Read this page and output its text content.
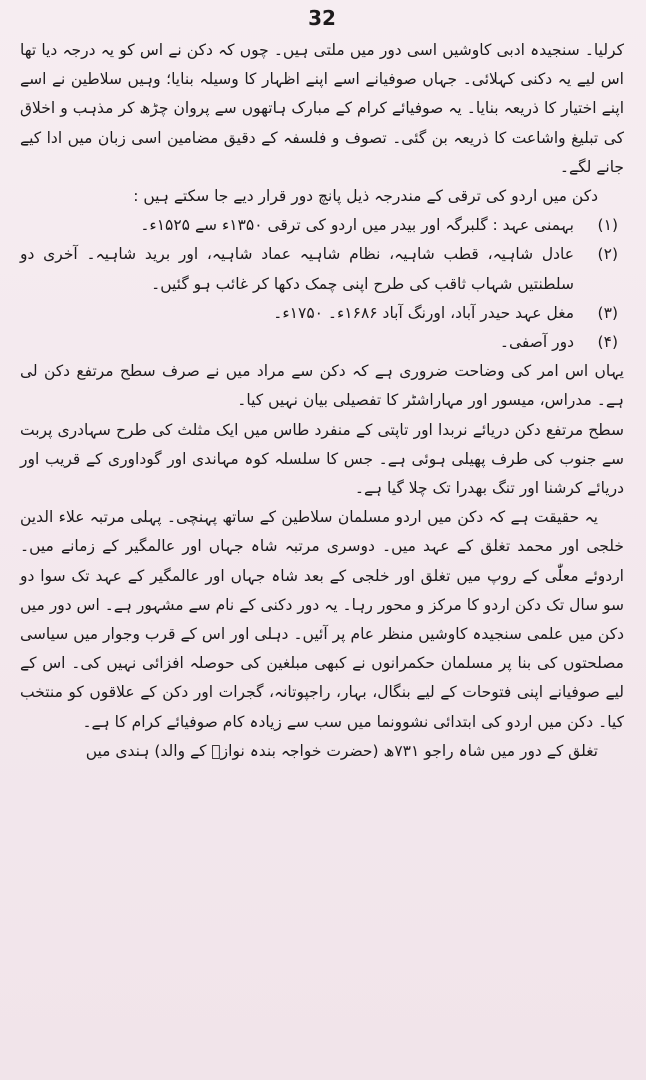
32

کرلیا۔ سنجیدہ ادبی کاوشیں اسی دور میں ملتی ہیں۔ چوں کہ دکن نے اس کو یہ درجہ دیا تھا اس لیے یہ دکنی کہلائی۔ جہاں صوفیانے اسے اپنے اظہار کا وسیلہ بنایا؛ وہیں سلاطین نے اسے اپنے اختیار کا ذریعہ بنایا۔ یہ صوفیائے کرام کے مبارک ہاتھوں سے پروان چڑھ کر مذہب و اخلاق کی تبلیغ واشاعت کا ذریعہ بن گئی۔ تصوف و فلسفہ کے دقیق مضامین اسی زبان میں ادا کیے جانے لگے۔

دکن میں اردو کی ترقی کے مندرجہ ذیل پانچ دور قرار دیے جا سکتے ہیں :

(۱)
بہمنی عہد : گلبرگہ اور بیدر میں اردو کی ترقی ۱۳۵۰ء سے ۱۵۲۵ء۔
(۲)
عادل شاہیہ، قطب شاہیہ، نظام شاہیہ عماد شاہیہ، اور برید شاہیہ۔ آخری دو سلطنتیں شہاب ثاقب کی طرح اپنی چمک دکھا کر غائب ہو گئیں۔
(۳)
مغل عہد حیدر آباد، اورنگ آباد ۱۶۸۶ء۔ ۱۷۵۰ء۔
(۴)
دور آصفی۔

یہاں اس امر کی وضاحت ضروری ہے کہ دکن سے مراد میں نے صرف سطح مرتفع دکن لی ہے۔ مدراس، میسور اور مہاراشٹر کا تفصیلی بیان نہیں کیا۔

سطح مرتفع دکن دریائے نربدا اور تاپتی کے منفرد طاس میں ایک مثلث کی طرح سہادری پربت سے جنوب کی طرف پھیلی ہوئی ہے۔ جس کا سلسلہ کوہ مہاندی اور گوداوری کے قریب اور دریائے کرشنا اور تنگ بھدرا تک چلا گیا ہے۔

یہ حقیقت ہے کہ دکن میں اردو مسلمان سلاطین کے ساتھ پہنچی۔ پہلی مرتبہ علاء الدین خلجی اور محمد تغلق کے عہد میں۔ دوسری مرتبہ شاہ جہاں اور عالمگیر کے زمانے میں۔ اردوئے معلّٰی کے روپ میں تغلق اور خلجی کے بعد شاہ جہاں اور عالمگیر کے عہد تک سوا دو سو سال تک دکن اردو کا مرکز و محور رہا۔ یہ دور دکنی کے نام سے مشہور ہے۔ اس دور میں دکن میں علمی سنجیدہ کاوشیں منظر عام پر آئیں۔ دہلی اور اس کے قرب وجوار میں سیاسی مصلحتوں کی بنا پر مسلمان حکمرانوں نے کبھی مبلغین کی حوصلہ افزائی نہیں کی۔ اس کے لیے صوفیانے اپنی فتوحات کے لیے بنگال، بہار، راجپوتانہ، گجرات اور دکن کے علاقوں کو منتخب کیا۔ دکن میں اردو کی ابتدائی نشوونما میں سب سے زیادہ کام صوفیائے کرام کا ہے۔

تغلق کے دور میں شاہ راجو ۷۳۱ھ (حضرت خواجہ بندہ نوازؒ کے والد) ہندی میں
